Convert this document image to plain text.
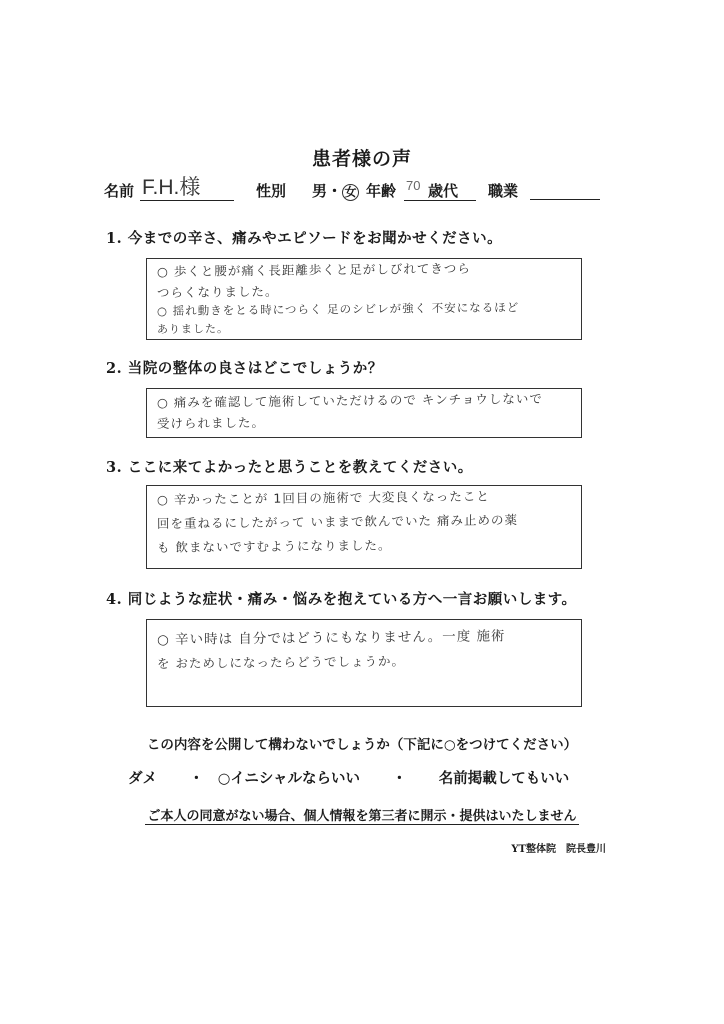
患者様の声
名前 F.H.様	性別 男・ 女 年齢 70 歳代 職業
1. 今までの辛さ、痛みやエピソードをお聞かせください。
○ 歩くと腰が痛く長距離歩くと足がしびれてきつら
つらくなりました。
○ 揺れ動きをとる時につらく 足のシビレが強く 不安になるほど
ありました。
2. 当院の整体の良さはどこでしょうか？
○ 痛みを確認して施術していただけるので キンチョウしないで
受けられました。
3. ここに来てよかったと思うことを教えてください。
○ 辛かったことが 1回目の施術で 大変良くなったこと
回を重ねるにしたがって いままで飲んでいた 痛み止めの薬
も 飲まないですむようになりました。
4. 同じような症状・痛み・悩みを抱えている方へ一言お願いします。
○ 辛い時は 自分ではどうにもなりません。一度 施術
を おためしになったらどうでしょうか。
この内容を公開して構わないでしょうか（下記に○をつけてください）
ダメ ・ ○イニシャルならいい ・ 名前掲載してもいい
ご本人の同意がない場合、個人情報を第三者に開示・提供はいたしません
YT整体院　院長豊川
